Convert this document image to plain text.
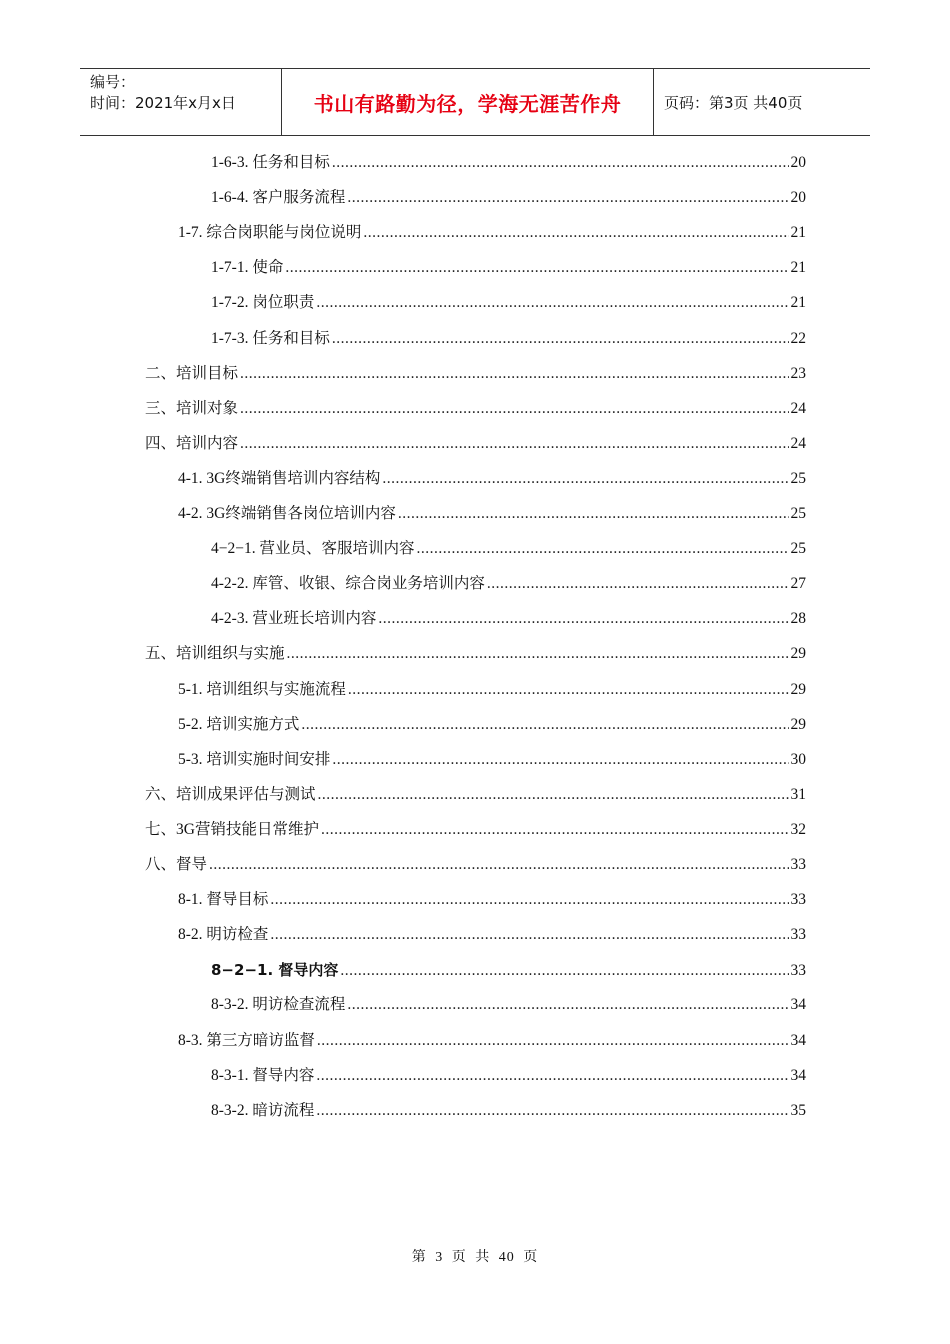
编号：
时间：2021年x月x日	书山有路勤为径，学海无涯苦作舟	页码：第3页 共40页
1-6-3. 任务和目标 .....	20
1-6-4. 客户服务流程 .....	20
1-7. 综合岗职能与岗位说明 .....	21
1-7-1. 使命 .....	21
1-7-2. 岗位职责 .....	21
1-7-3. 任务和目标 .....	22
二、培训目标 .....	23
三、培训对象 .....	24
四、培训内容 .....	24
4-1. 3G终端销售培训内容结构 .....	25
4-2. 3G终端销售各岗位培训内容 .....	25
4−2−1. 营业员、客服培训内容 .....	25
4-2-2. 库管、收银、综合岗业务培训内容 .....	27
4-2-3. 营业班长培训内容 .....	28
五、培训组织与实施 .....	29
5-1. 培训组织与实施流程 .....	29
5-2. 培训实施方式 .....	29
5-3. 培训实施时间安排 .....	30
六、培训成果评估与测试 .....	31
七、3G营销技能日常维护 .....	32
八、督导 .....	33
8-1. 督导目标 .....	33
8-2. 明访检查 .....	33
8−2−1. 督导内容 .....	33
8-3-2. 明访检查流程 .....	34
8-3. 第三方暗访监督 .....	34
8-3-1. 督导内容 .....	34
8-3-2. 暗访流程 .....	35
第 3 页 共 40 页
